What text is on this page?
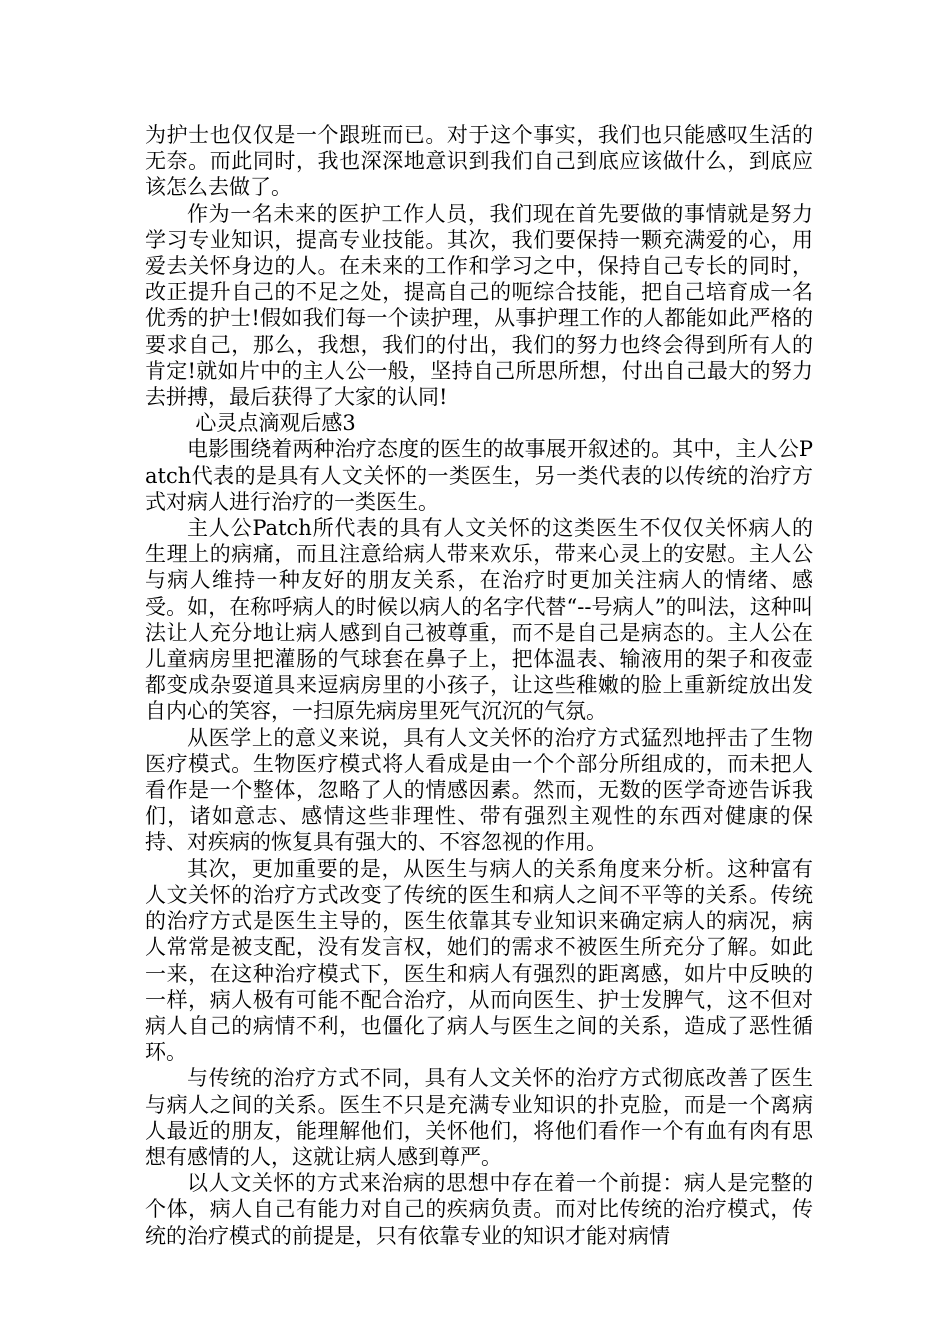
为护士也仅仅是一个跟班而已。对于这个事实，我们也只能感叹生活的无奈。而此同时，我也深深地意识到我们自己到底应该做什么，到底应该怎么去做了。

作为一名未来的医护工作人员，我们现在首先要做的事情就是努力学习专业知识，提高专业技能。其次，我们要保持一颗充满爱的心，用爱去关怀身边的人。在未来的工作和学习之中，保持自己专长的同时，改正提升自己的不足之处，提高自己的呃综合技能，把自己培育成一名优秀的护士!假如我们每一个读护理，从事护理工作的人都能如此严格的要求自己，那么，我想，我们的付出，我们的努力也终会得到所有人的肯定!就如片中的主人公一般，坚持自己所思所想，付出自己最大的努力去拼搏，最后获得了大家的认同!

心灵点滴观后感3

电影围绕着两种治疗态度的医生的故事展开叙述的。其中，主人公Patch代表的是具有人文关怀的一类医生，另一类代表的以传统的治疗方式对病人进行治疗的一类医生。

主人公Patch所代表的具有人文关怀的这类医生不仅仅关怀病人的生理上的病痛，而且注意给病人带来欢乐，带来心灵上的安慰。主人公与病人维持一种友好的朋友关系，在治疗时更加关注病人的情绪、感受。如，在称呼病人的时候以病人的名字代替“--号病人”的叫法，这种叫法让人充分地让病人感到自己被尊重，而不是自己是病态的。主人公在儿童病房里把灌肠的气球套在鼻子上，把体温表、输液用的架子和夜壶都变成杂耍道具来逗病房里的小孩子，让这些稚嫩的脸上重新绽放出发自内心的笑容，一扫原先病房里死气沉沉的气氛。

从医学上的意义来说，具有人文关怀的治疗方式猛烈地抨击了生物医疗模式。生物医疗模式将人看成是由一个个部分所组成的，而未把人看作是一个整体，忽略了人的情感因素。然而，无数的医学奇迹告诉我们，诸如意志、感情这些非理性、带有强烈主观性的东西对健康的保持、对疾病的恢复具有强大的、不容忽视的作用。

其次，更加重要的是，从医生与病人的关系角度来分析。这种富有人文关怀的治疗方式改变了传统的医生和病人之间不平等的关系。传统的治疗方式是医生主导的，医生依靠其专业知识来确定病人的病况，病人常常是被支配，没有发言权，她们的需求不被医生所充分了解。如此一来，在这种治疗模式下，医生和病人有强烈的距离感，如片中反映的一样，病人极有可能不配合治疗，从而向医生、护士发脾气，这不但对病人自己的病情不利，也僵化了病人与医生之间的关系，造成了恶性循环。

与传统的治疗方式不同，具有人文关怀的治疗方式彻底改善了医生与病人之间的关系。医生不只是充满专业知识的扑克脸，而是一个离病人最近的朋友，能理解他们，关怀他们，将他们看作一个有血有肉有思想有感情的人，这就让病人感到尊严。

以人文关怀的方式来治病的思想中存在着一个前提：病人是完整的个体，病人自己有能力对自己的疾病负责。而对比传统的治疗模式，传统的治疗模式的前提是，只有依靠专业的知识才能对病情
